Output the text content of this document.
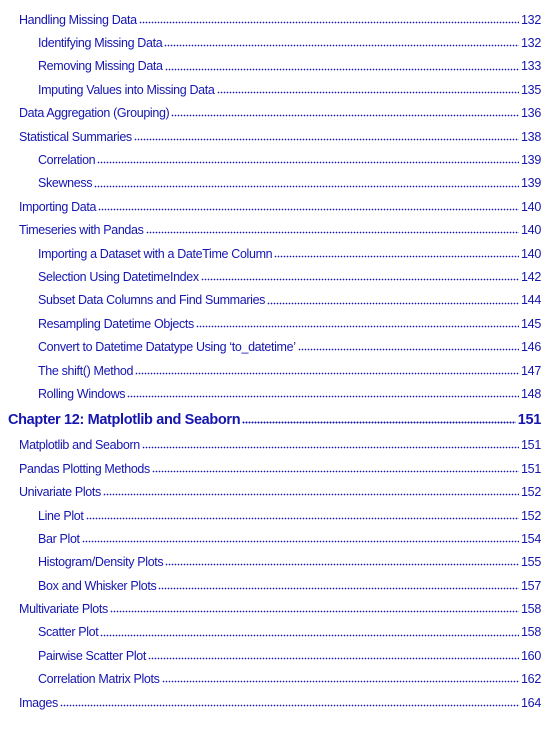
Handling Missing Data	132
Identifying Missing Data	132
Removing Missing Data	133
Imputing Values into Missing Data	135
Data Aggregation (Grouping)	136
Statistical Summaries	138
Correlation	139
Skewness	139
Importing Data	140
Timeseries with Pandas	140
Importing a Dataset with a DateTime Column	140
Selection Using DatetimeIndex	142
Subset Data Columns and Find Summaries	144
Resampling Datetime Objects	145
Convert to Datetime Datatype Using ‘to_datetime’	146
The shift() Method	147
Rolling Windows	148
Chapter 12: Matplotlib and Seaborn	151
Matplotlib and Seaborn	151
Pandas Plotting Methods	151
Univariate Plots	152
Line Plot	152
Bar Plot	154
Histogram/Density Plots	155
Box and Whisker Plots	157
Multivariate Plots	158
Scatter Plot	158
Pairwise Scatter Plot	160
Correlation Matrix Plots	162
Images	164
